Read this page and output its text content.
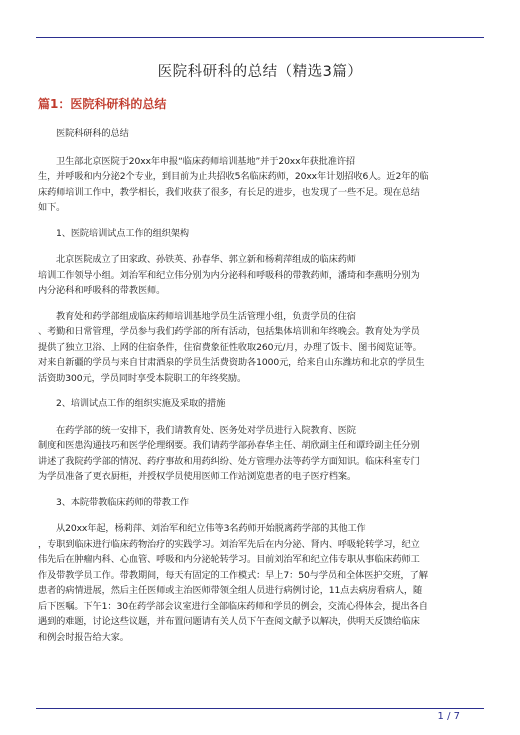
医院科研科的总结（精选3篇）
篇1：医院科研科的总结

医院科研科的总结

卫生部北京医院于20xx年申报“临床药师培训基地”并于20xx年获批准许招

生，并呼吸和内分泌2个专业，到目前为止共招收5名临床药师，20xx年计划招收6人。近2年的临

床药师培训工作中，教学相长，我们收获了很多，有长足的进步，也发现了一些不足。现在总结

如下。

1、医院培训试点工作的组织架构

北京医院成立了田家政、孙铁英、孙春华、郭立新和杨莉萍组成的临床药师

培训工作领导小组。刘治军和纪立伟分别为内分泌科和呼吸科的带教药师，潘琦和李燕明分别为

内分泌科和呼吸科的带教医师。

教育处和药学部组成临床药师培训基地学员生活管理小组，负责学员的住宿

、考勤和日常管理，学员参与我们药学部的所有活动，包括集体培训和年终晚会。教育处为学员

提供了独立卫浴、上网的住宿条件，住宿费象征性收取260元/月，办理了饭卡、图书阅览证等。

对来自新疆的学员与来自甘肃酒泉的学员生活费资助各1000元，给来自山东潍坊和北京的学员生

活资助300元，学员同时享受本院职工的年终奖励。

2、培训试点工作的组织实施及采取的措施

在药学部的统一安排下，我们请教育处、医务处对学员进行入院教育、医院

制度和医患沟通技巧和医学伦理纲要。我们请药学部孙春华主任、胡欣副主任和谭玲副主任分别

讲述了我院药学部的情况、药疗事故和用药纠纷、处方管理办法等药学方面知识。临床科室专门

为学员准备了更衣厨柜，并授权学员使用医师工作站浏览患者的电子医疗档案。

3、本院带教临床药师的带教工作

从20xx年起，杨莉萍、刘治军和纪立伟等3名药师开始脱离药学部的其他工作

，专职到临床进行临床药物治疗的实践学习。刘治军先后在内分泌、肾内、呼吸轮转学习，纪立

伟先后在肿瘤内科、心血管、呼吸和内分泌轮转学习。目前刘治军和纪立伟专职从事临床药师工

作及带教学员工作。带教期间，每天有固定的工作模式：早上7：50与学员和全体医护交班，了解

患者的病情进展，然后主任医师或主治医师带领全组人员进行病例讨论，11点去病房看病人，随

后下医嘱。下午1：30在药学部会议室进行全部临床药师和学员的例会，交流心得体会，提出各自

遇到的难题，讨论这些议题，并布置问题请有关人员下午查阅文献予以解决，供明天反馈给临床

和例会时报告给大家。

1 / 7
